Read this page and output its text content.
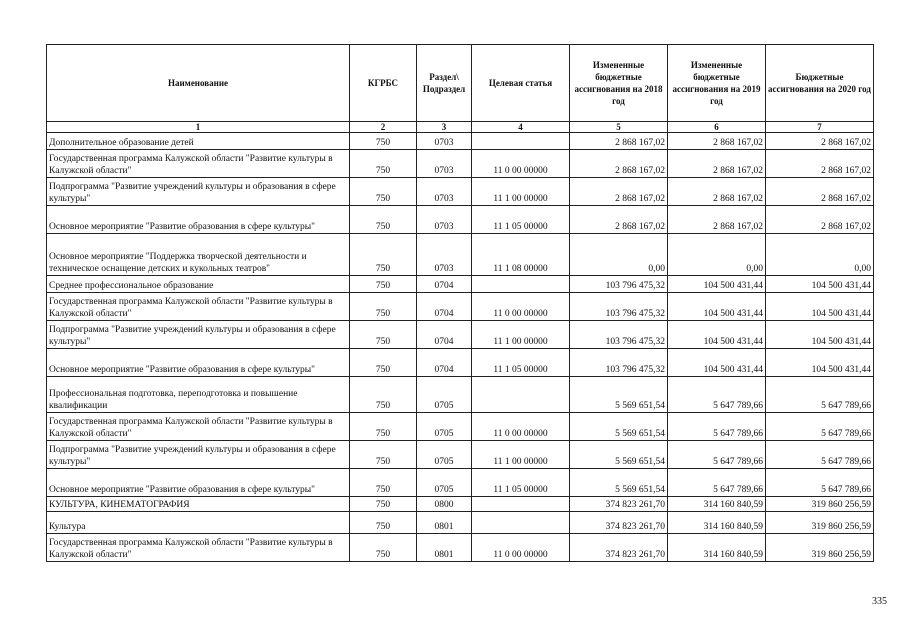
Наименование	КГРБС	Раздел\ Подраздел	Целевая статья	Измененные бюджетные ассигнования на 2018 год	Измененные бюджетные ассигнования на 2019 год	Бюджетные ассигнования на 2020 год
1	2	3	4	5	6	7
Дополнительное образование детей	750	0703		2 868 167,02	2 868 167,02	2 868 167,02
Государственная программа Калужской области "Развитие культуры в Калужской области"	750	0703	11 0 00 00000	2 868 167,02	2 868 167,02	2 868 167,02
Подпрограмма "Развитие учреждений культуры и образования в сфере культуры"	750	0703	11 1 00 00000	2 868 167,02	2 868 167,02	2 868 167,02
Основное мероприятие "Развитие образования в сфере культуры"	750	0703	11 1 05 00000	2 868 167,02	2 868 167,02	2 868 167,02
Основное мероприятие "Поддержка творческой деятельности и техническое оснащение детских и кукольных театров"	750	0703	11 1 08 00000	0,00	0,00	0,00
Среднее профессиональное образование	750	0704		103 796 475,32	104 500 431,44	104 500 431,44
Государственная программа Калужской области "Развитие культуры в Калужской области"	750	0704	11 0 00 00000	103 796 475,32	104 500 431,44	104 500 431,44
Подпрограмма "Развитие учреждений культуры и образования в сфере культуры"	750	0704	11 1 00 00000	103 796 475,32	104 500 431,44	104 500 431,44
Основное мероприятие "Развитие образования в сфере культуры"	750	0704	11 1 05 00000	103 796 475,32	104 500 431,44	104 500 431,44
Профессиональная подготовка, переподготовка и повышение квалификации	750	0705		5 569 651,54	5 647 789,66	5 647 789,66
Государственная программа Калужской области "Развитие культуры в Калужской области"	750	0705	11 0 00 00000	5 569 651,54	5 647 789,66	5 647 789,66
Подпрограмма "Развитие учреждений культуры и образования в сфере культуры"	750	0705	11 1 00 00000	5 569 651,54	5 647 789,66	5 647 789,66
Основное мероприятие "Развитие образования в сфере культуры"	750	0705	11 1 05 00000	5 569 651,54	5 647 789,66	5 647 789,66
КУЛЬТУРА, КИНЕМАТОГРАФИЯ	750	0800		374 823 261,70	314 160 840,59	319 860 256,59
Культура	750	0801		374 823 261,70	314 160 840,59	319 860 256,59
Государственная программа Калужской области "Развитие культуры в Калужской области"	750	0801	11 0 00 00000	374 823 261,70	314 160 840,59	319 860 256,59
335
